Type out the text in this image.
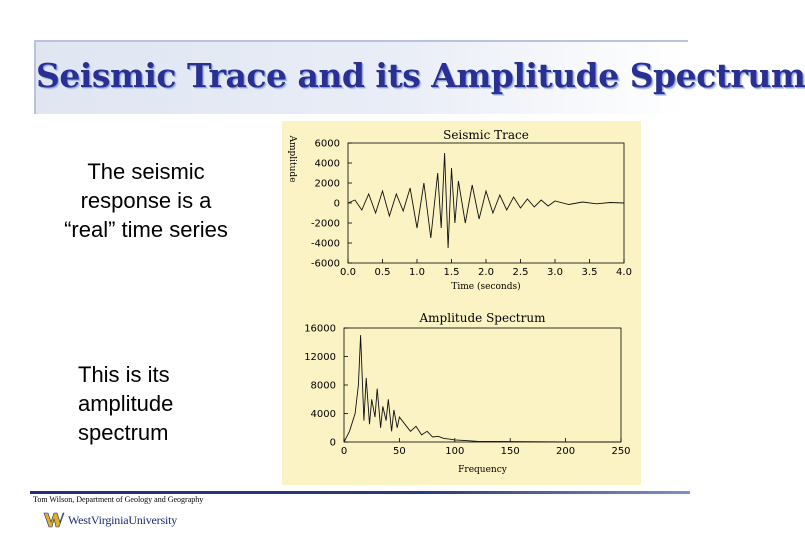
Seismic Trace and its Amplitude Spectrum
The seismic response is a “real” time series
This is its amplitude spectrum
Seismic Trace
6000
4000
2000
0
-2000
-4000
-6000
0.0 0.5 1.0 1.5 2.0 2.5 3.0 3.5 4.0
Time (seconds)
Amplitude
Amplitude Spectrum
16000
12000
8000
4000
0
0	50	100	150	200	250
Frequency
Tom Wilson, Department of Geology and Geography
WestVirginiaUniversity
